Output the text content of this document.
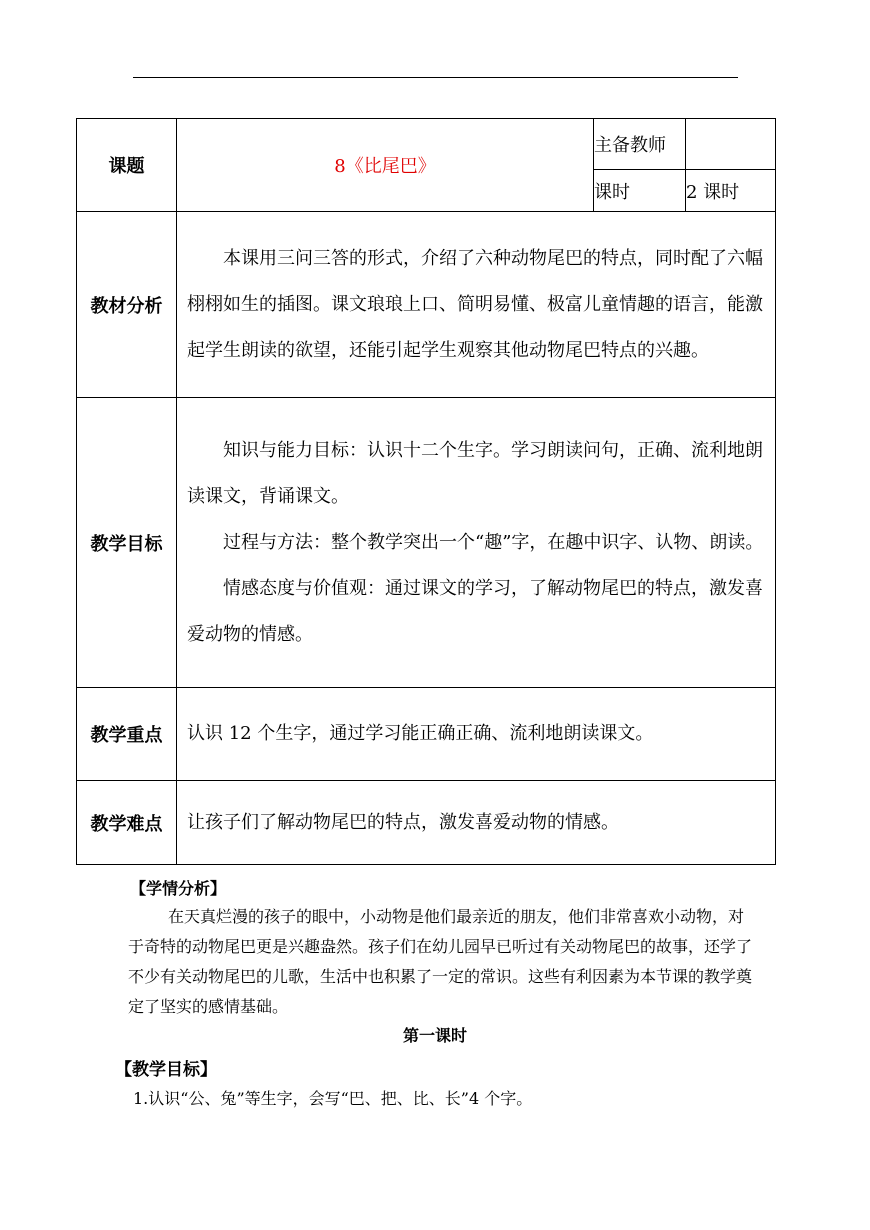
课题	8《比尾巴》	主备教师	
		课时	2 课时
教材分析	本课用三问三答的形式，介绍了六种动物尾巴的特点，同时配了六幅栩栩如生的插图。课文琅琅上口、简明易懂、极富儿童情趣的语言，能激起学生朗读的欲望，还能引起学生观察其他动物尾巴特点的兴趣。		

教学目标	知识与能力目标：认识十二个生字。学习朗读问句，正确、流利地朗读课文，背诵课文。
过程与方法：整个教学突出一个“趣”字，在趣中识字、认物、朗读。
情感态度与价值观：通过课文的学习，了解动物尾巴的特点，激发喜爱动物的情感。		

教学重点	认识 12 个生字，通过学习能正确正确、流利地朗读课文。		

教学难点	让孩子们了解动物尾巴的特点，激发喜爱动物的情感。		
【学情分析】
在天真烂漫的孩子的眼中，小动物是他们最亲近的朋友，他们非常喜欢小动物，对于奇特的动物尾巴更是兴趣盎然。孩子们在幼儿园早已听过有关动物尾巴的故事，还学了不少有关动物尾巴的儿歌，生活中也积累了一定的常识。这些有利因素为本节课的教学奠定了坚实的感情基础。
第一课时
【教学目标】
1.认识“公、兔”等生字，会写“巴、把、比、长”4 个字。
